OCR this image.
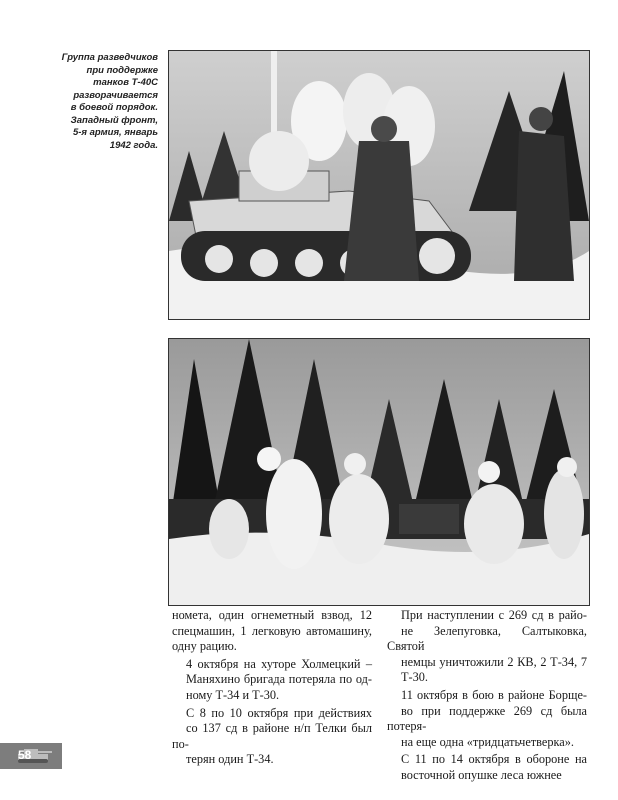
Группа разведчиков
при поддержке
танков Т-40С
разворачивается
в боевой порядок.
Западный фронт,
5-я армия, январь
1942 года.

номета, один огнеметный взвод, 12
спецмашин, 1 легковую автомашину,
одну рацию.

4 октября на хуторе Холмецкий –
Маняхино бригада потеряла по од-
ному Т-34 и Т-30.

С 8 по 10 октября при действиях
со 137 сд в районе н/п Телки был по-
терян один Т-34.

При наступлении с 269 сд в райо-
не Зелепуговка, Салтыковка, Святой
немцы уничтожили 2 КВ, 2 Т-34, 7
Т-30.

11 октября в бою в районе Борще-
во при поддержке 269 сд была потеря-
на еще одна «тридцатьчетверка».

С 11 по 14 октября в обороне на
восточной опушке леса южнее

58
